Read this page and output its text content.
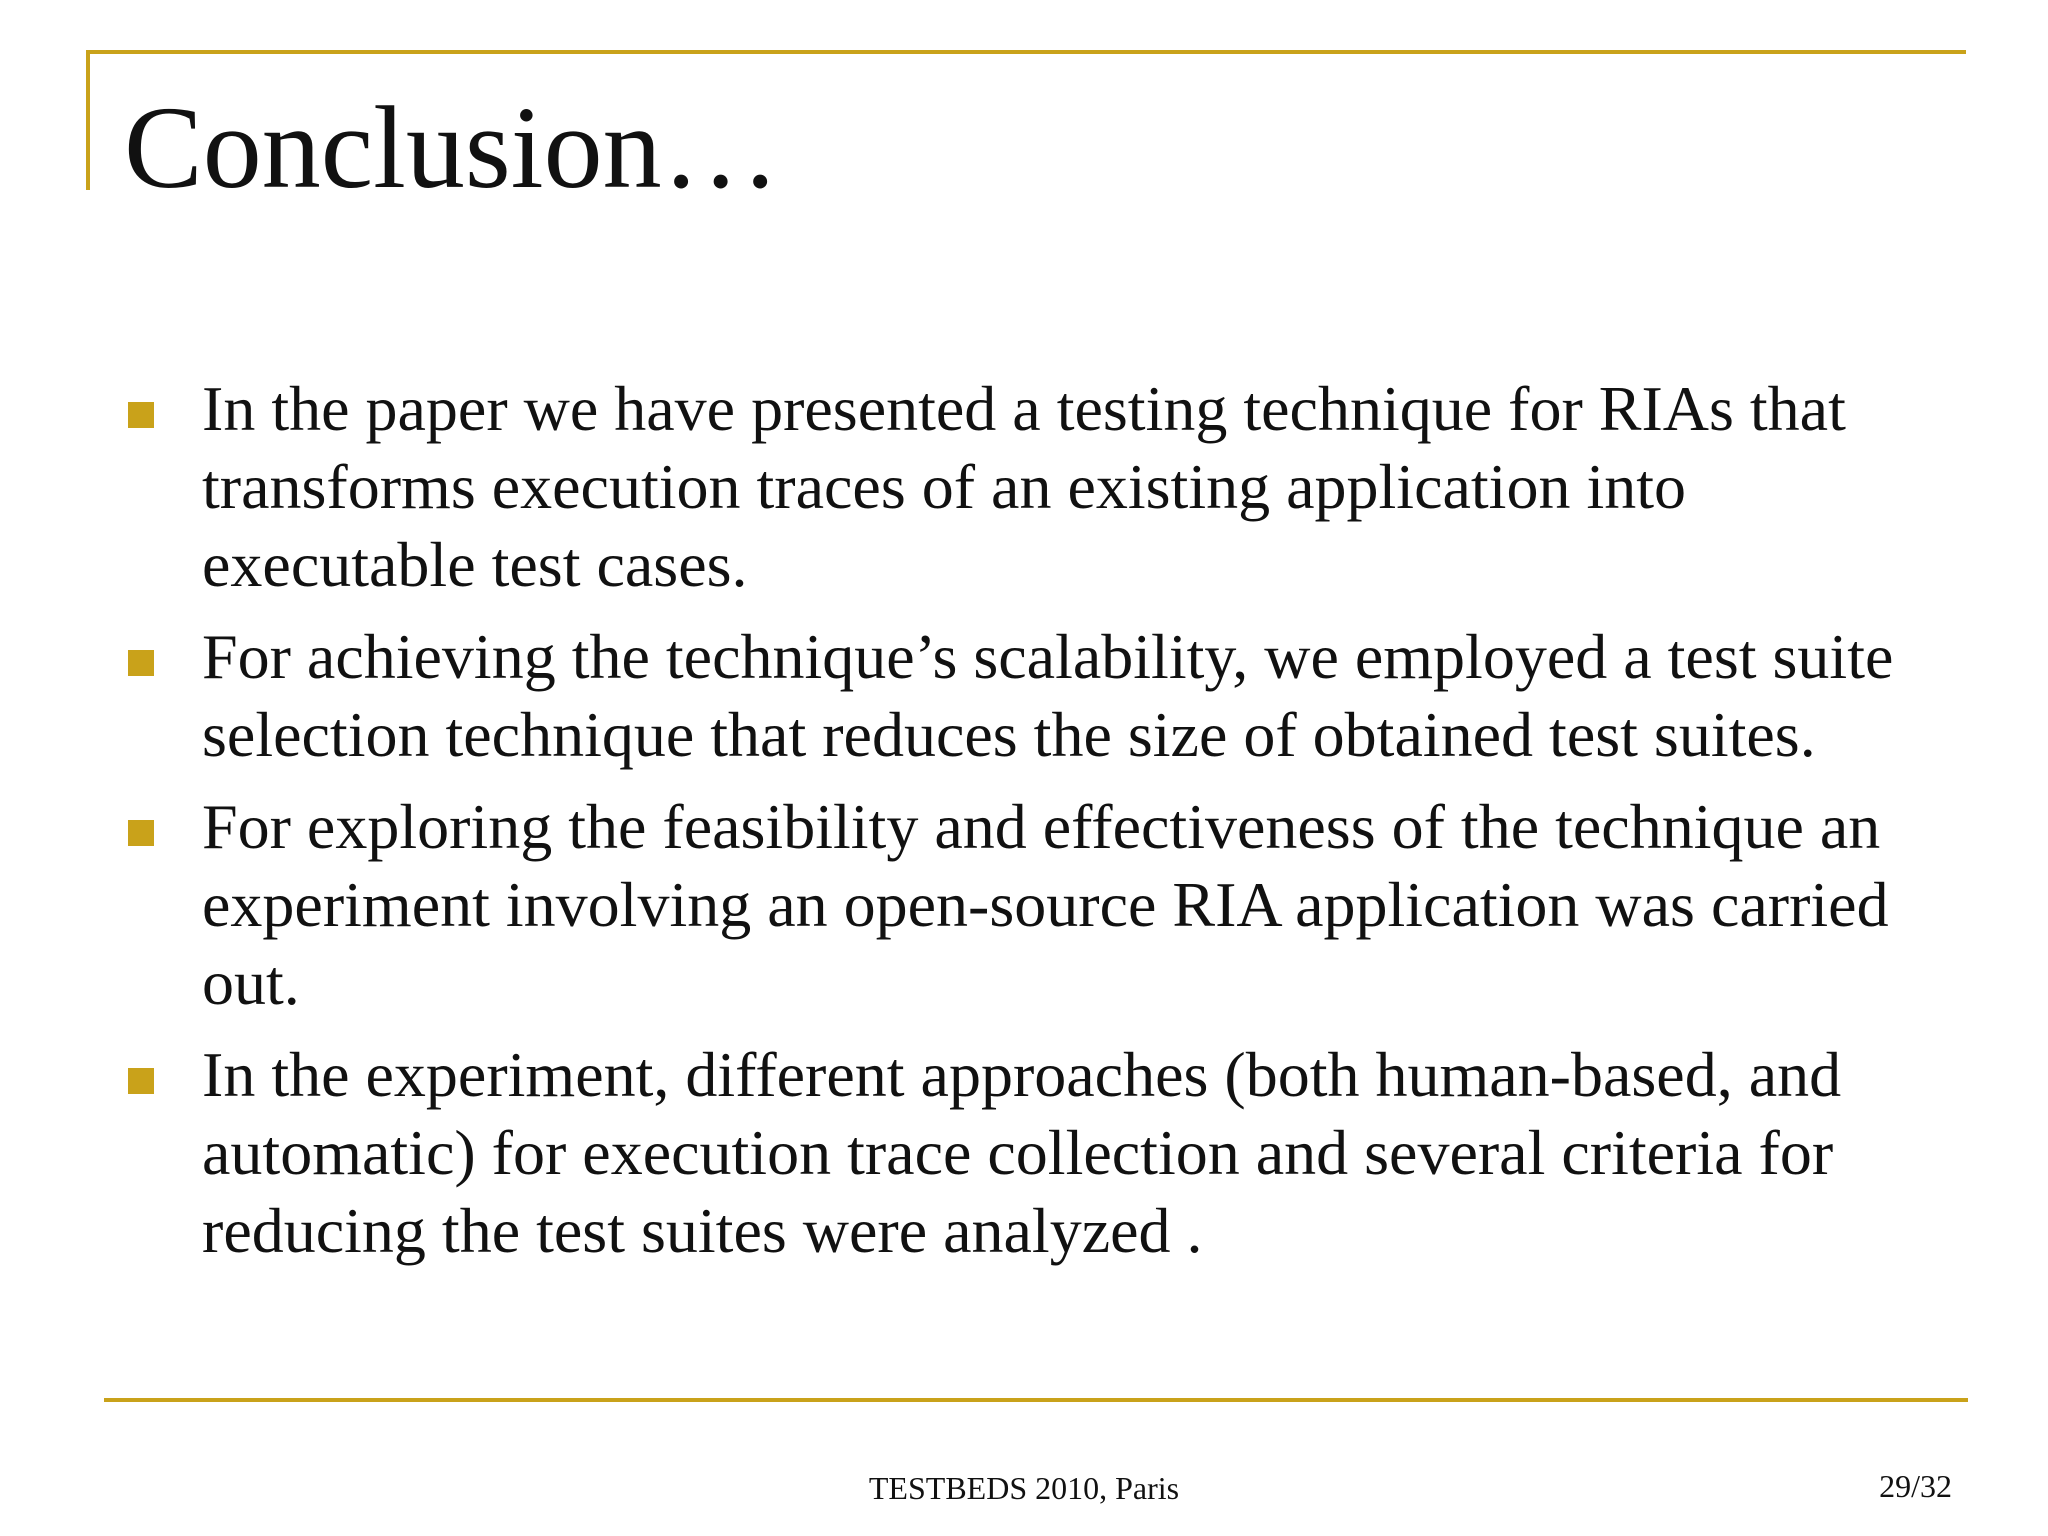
Conclusion…
In the paper we have presented a testing technique for RIAs that transforms execution traces of an existing application into executable test cases.
For achieving the technique’s scalability, we employed a test suite selection technique that reduces the size of obtained test suites.
For exploring the feasibility and effectiveness of the technique an experiment involving an open-source RIA application was carried out.
In the experiment, different approaches (both human-based, and automatic) for execution trace collection and several criteria for reducing the test suites were analyzed .
TESTBEDS 2010, Paris	29/32
